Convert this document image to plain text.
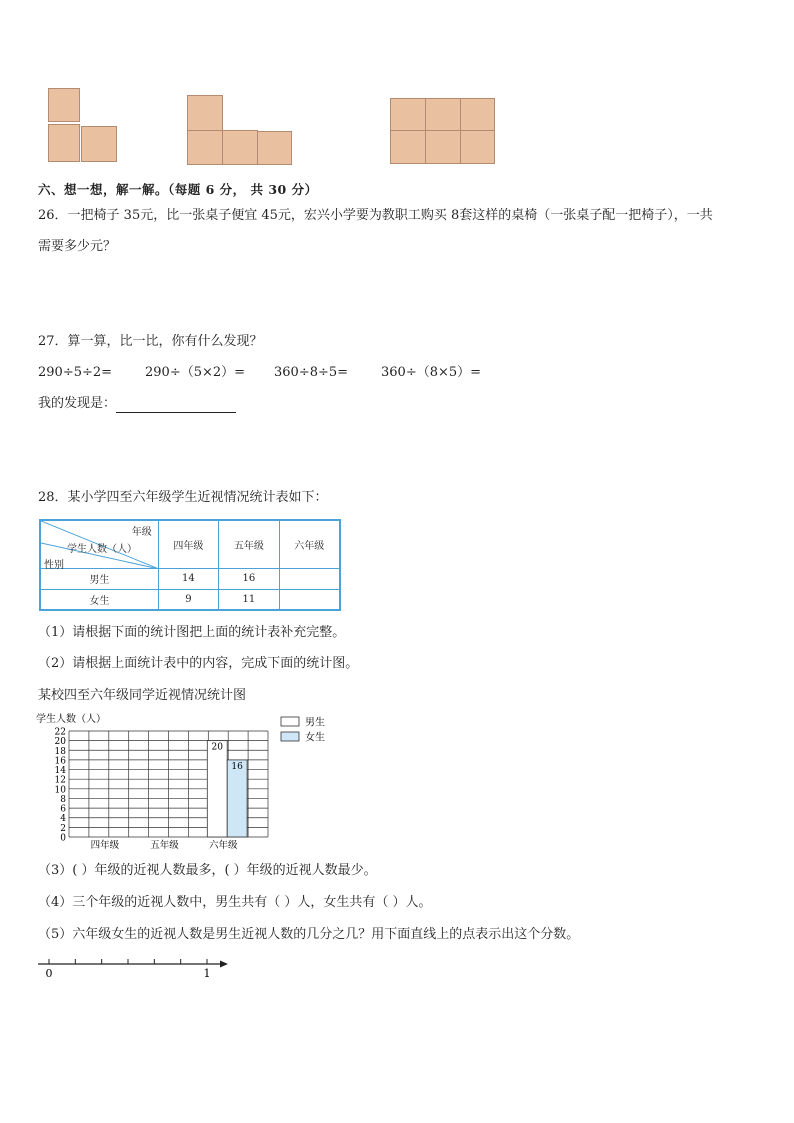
六、想一想，解一解。（每题 6 分， 共 30 分）
26．一把椅子 35元，比一张桌子便宜 45元，宏兴小学要为教职工购买 8套这样的桌椅（一张桌子配一把椅子），一共
需要多少元？
27．算一算，比一比，你有什么发现？
290÷5÷2=	290÷（5×2）= 360÷8÷5=	360÷（8×5）=
我的发现是：
28．某小学四至六年级学生近视情况统计表如下：
年级
学生人数（人）
性别	四年级	五年级	六年级
男生	14	16	
女生	9	11	
（1）请根据下面的统计图把上面的统计表补充完整。
（2）请根据上面统计表中的内容，完成下面的统计图。
某校四至六年级同学近视情况统计图
学生人数（人）
0
2
4
6
8
10
12
14
16
18
20
22
20
16
四年级	五年级	六年级
男生
女生
（3）( ）年级的近视人数最多，( ）年级的近视人数最少。
（4）三个年级的近视人数中，男生共有（ ）人，女生共有（ ）人。
（5）六年级女生的近视人数是男生近视人数的几分之几？用下面直线上的点表示出这个分数。
0	1
